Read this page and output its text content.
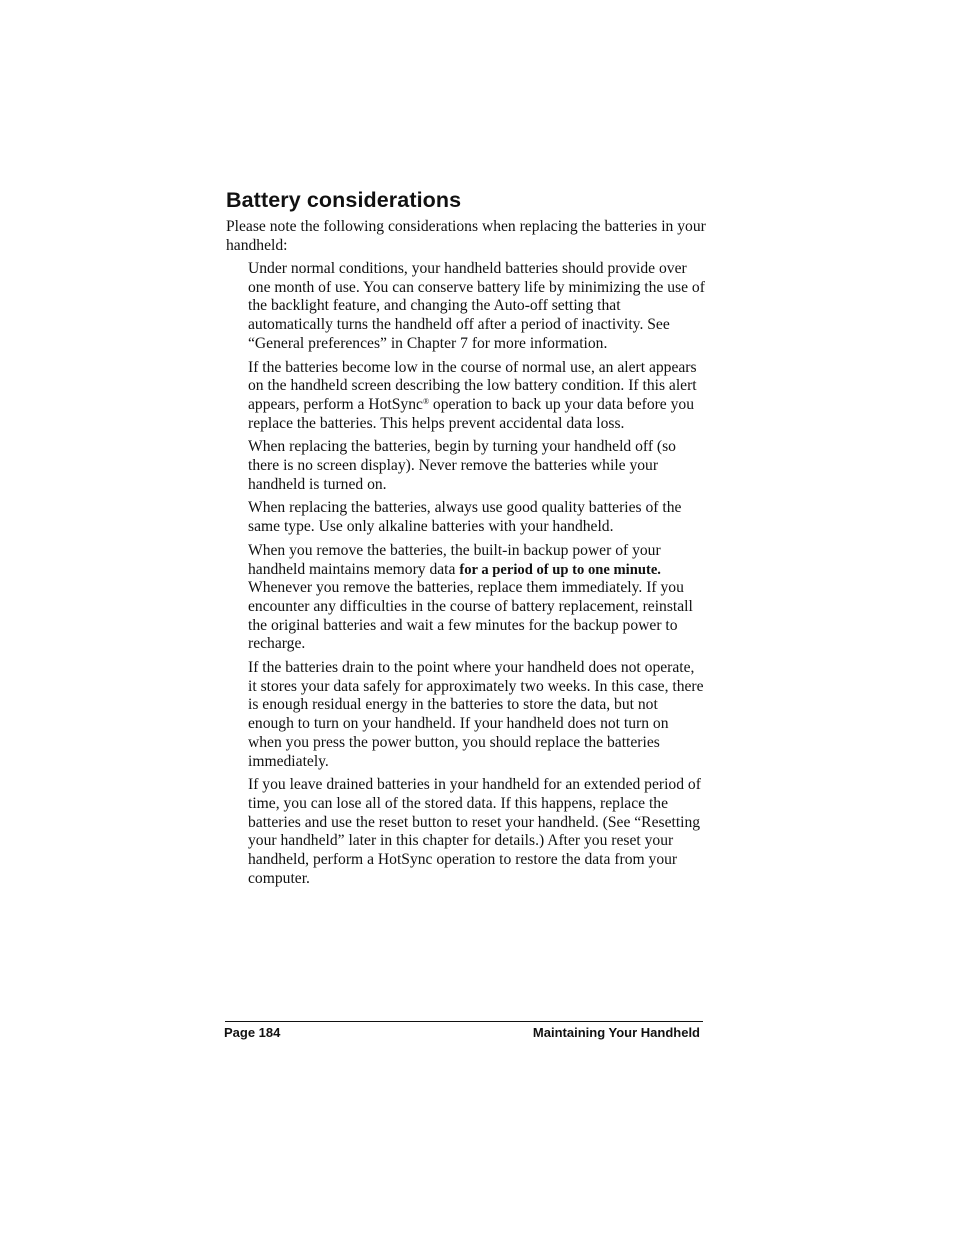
Battery considerations

Please note the following considerations when replacing the batteries in your handheld:

Under normal conditions, your handheld batteries should provide over one month of use. You can conserve battery life by minimizing the use of the backlight feature, and changing the Auto-off setting that automatically turns the handheld off after a period of inactivity. See “General preferences” in Chapter 7 for more information.
If the batteries become low in the course of normal use, an alert appears on the handheld screen describing the low battery condition. If this alert appears, perform a HotSync® operation to back up your data before you replace the batteries. This helps prevent accidental data loss.
When replacing the batteries, begin by turning your handheld off (so there is no screen display). Never remove the batteries while your handheld is turned on.
When replacing the batteries, always use good quality batteries of the same type. Use only alkaline batteries with your handheld.
When you remove the batteries, the built-in backup power of your handheld maintains memory data for a period of up to one minute. Whenever you remove the batteries, replace them immediately. If you encounter any difficulties in the course of battery replacement, reinstall the original batteries and wait a few minutes for the backup power to recharge.
If the batteries drain to the point where your handheld does not operate, it stores your data safely for approximately two weeks. In this case, there is enough residual energy in the batteries to store the data, but not enough to turn on your handheld. If your handheld does not turn on when you press the power button, you should replace the batteries immediately.
If you leave drained batteries in your handheld for an extended period of time, you can lose all of the stored data. If this happens, replace the batteries and use the reset button to reset your handheld. (See “Resetting your handheld” later in this chapter for details.) After you reset your handheld, perform a HotSync operation to restore the data from your computer.
Page 184	Maintaining Your Handheld
